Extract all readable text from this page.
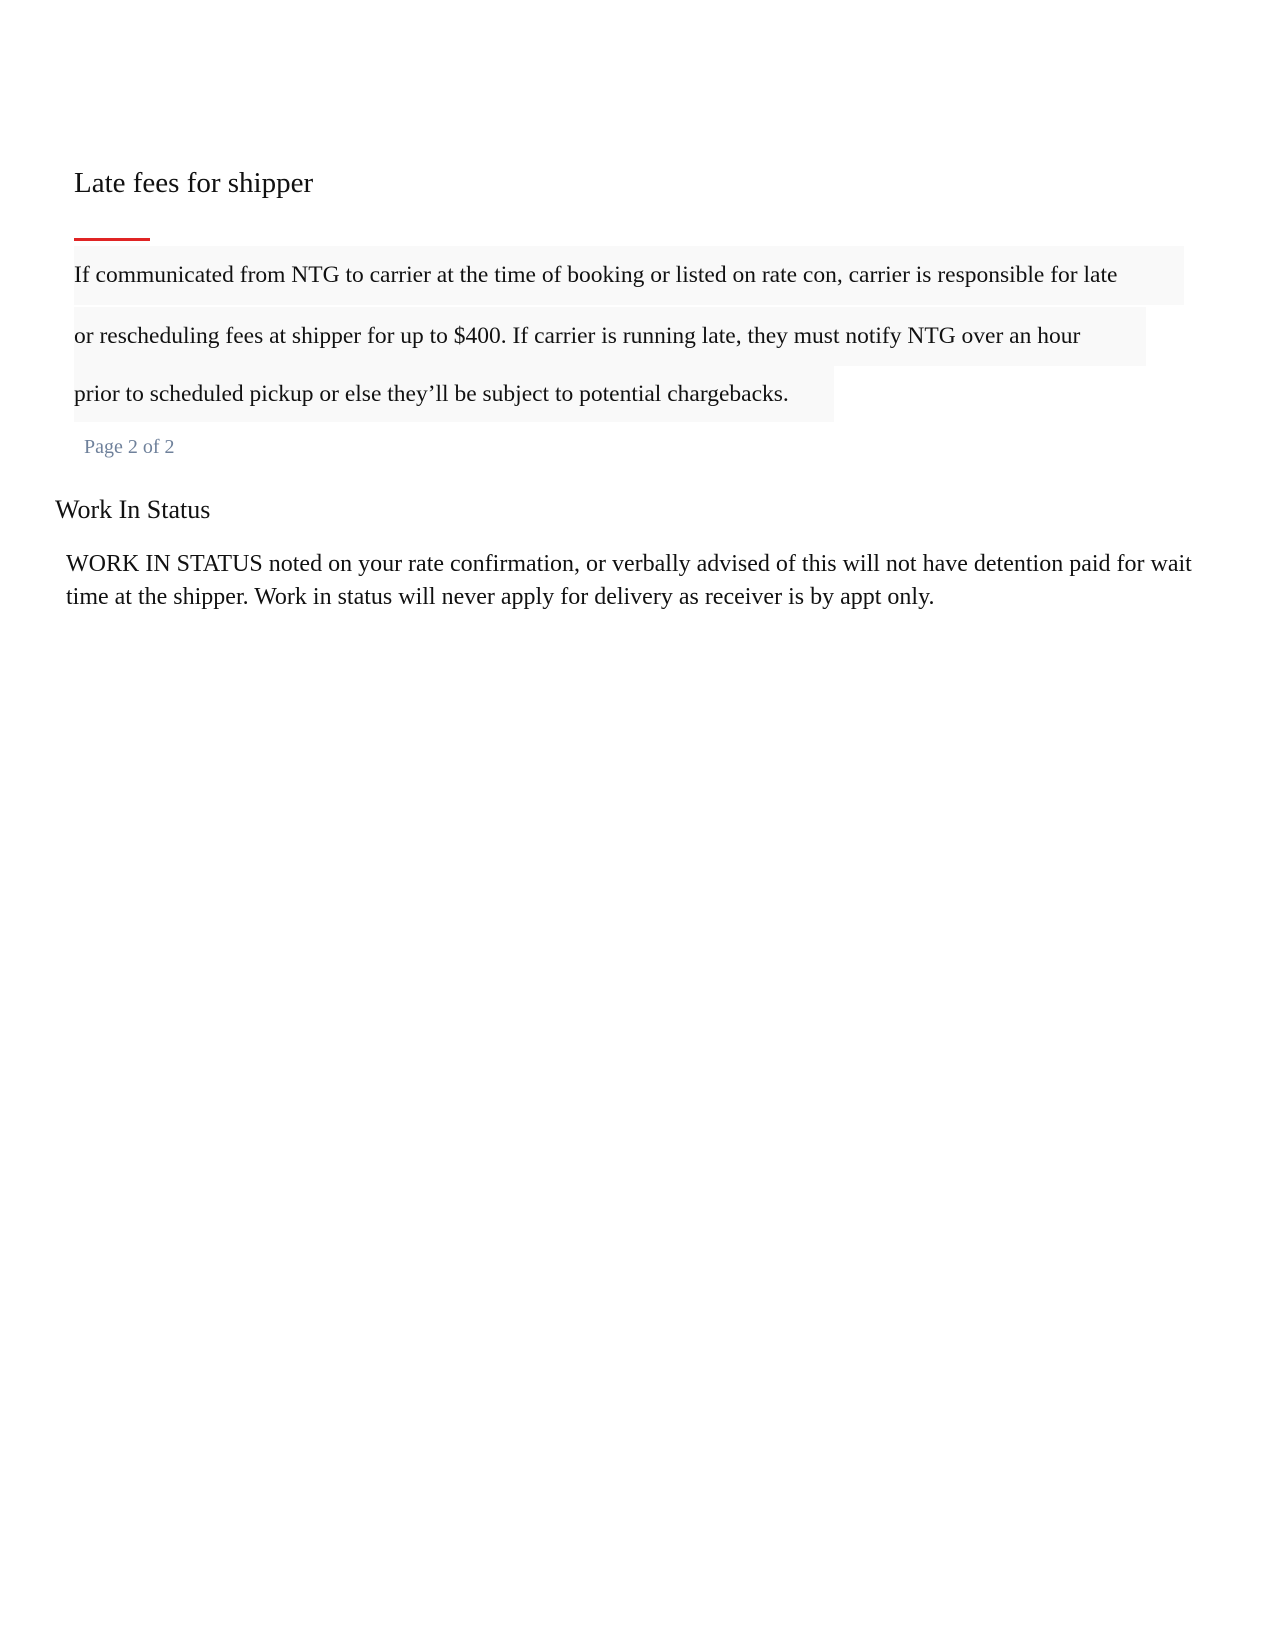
Late fees for shipper
If communicated from NTG to carrier at the time of booking or listed on rate con, carrier is responsible for late
or rescheduling fees at shipper for up to $400. If carrier is running late, they must notify NTG over an hour
prior to scheduled pickup or else they’ll be subject to potential chargebacks.
Page 2 of 2
Work In Status

WORK IN STATUS noted on your rate confirmation, or verbally advised of this will not have detention paid for wait time at the shipper. Work in status will never apply for delivery as receiver is by appt only.
